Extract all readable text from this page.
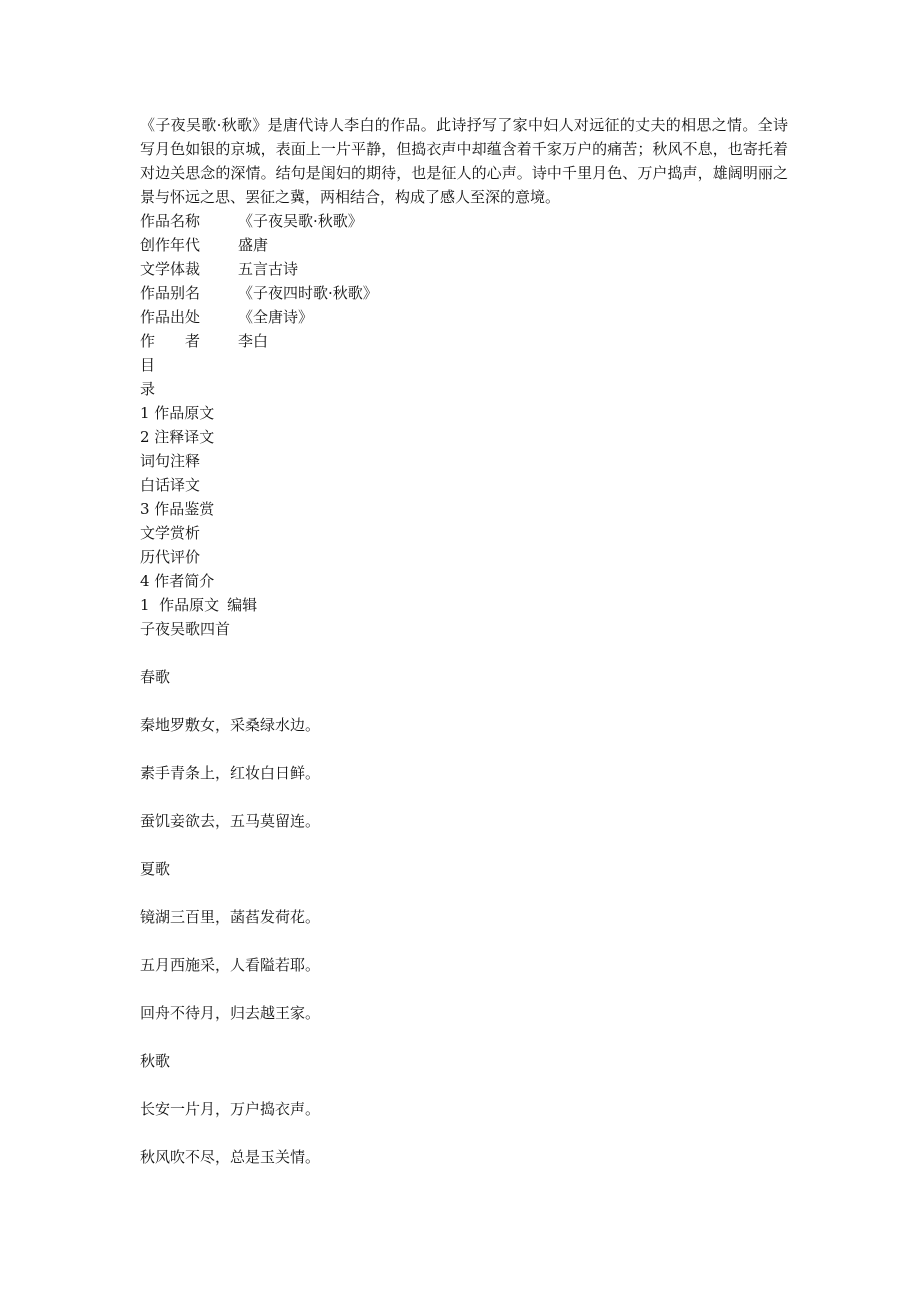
《子夜吴歌·秋歌》是唐代诗人李白的作品。此诗抒写了家中妇人对远征的丈夫的相思之情。全诗写月色如银的京城，表面上一片平静，但捣衣声中却蕴含着千家万户的痛苦；秋风不息，也寄托着对边关思念的深情。结句是闺妇的期待，也是征人的心声。诗中千里月色、万户捣声，雄阔明丽之景与怀远之思、罢征之冀，两相结合，构成了感人至深的意境。

作品名称	《子夜吴歌·秋歌》
创作年代	盛唐
文学体裁	五言古诗
作品别名	《子夜四时歌·秋歌》
作品出处	《全唐诗》
作　　者	李白
目
录
1 作品原文
2 注释译文
词句注释
白话译文
3 作品鉴赏
文学赏析
历代评价
4 作者简介
1  作品原文 编辑
子夜吴歌四首
春歌
秦地罗敷女，采桑绿水边。
素手青条上，红妆白日鲜。
蚕饥妾欲去，五马莫留连。
夏歌
镜湖三百里，菡萏发荷花。
五月西施采，人看隘若耶。
回舟不待月，归去越王家。
秋歌
长安一片月，万户捣衣声。
秋风吹不尽，总是玉关情。
